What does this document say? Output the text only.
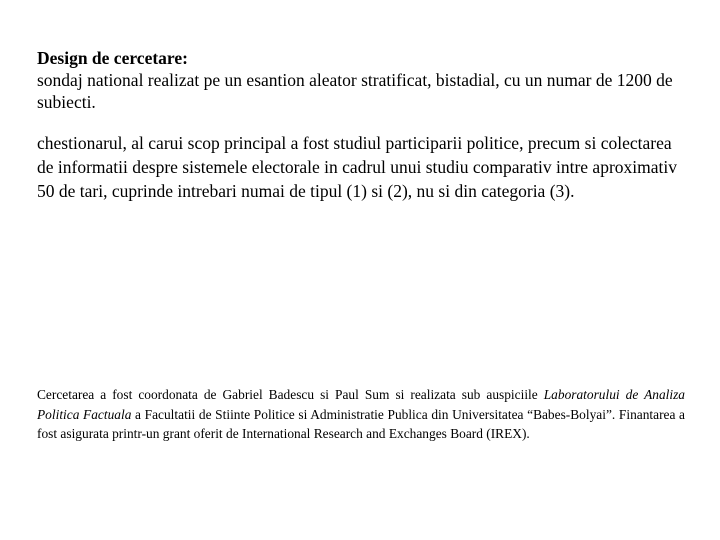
Design de cercetare:
sondaj national realizat pe un esantion aleator stratificat, bistadial, cu un numar de 1200 de subiecti.
chestionarul, al carui scop principal a fost studiul participarii politice, precum si colectarea de informatii despre sistemele electorale in cadrul unui studiu comparativ intre aproximativ 50 de tari, cuprinde intrebari numai de tipul (1) si (2), nu si din categoria (3).
Cercetarea a fost coordonata de Gabriel Badescu si Paul Sum si realizata sub auspiciile Laboratorului de Analiza Politica Factuala a Facultatii de Stiinte Politice si Administratie Publica din Universitatea “Babes-Bolyai”. Finantarea a fost asigurata printr-un grant oferit de International Research and Exchanges Board (IREX).
